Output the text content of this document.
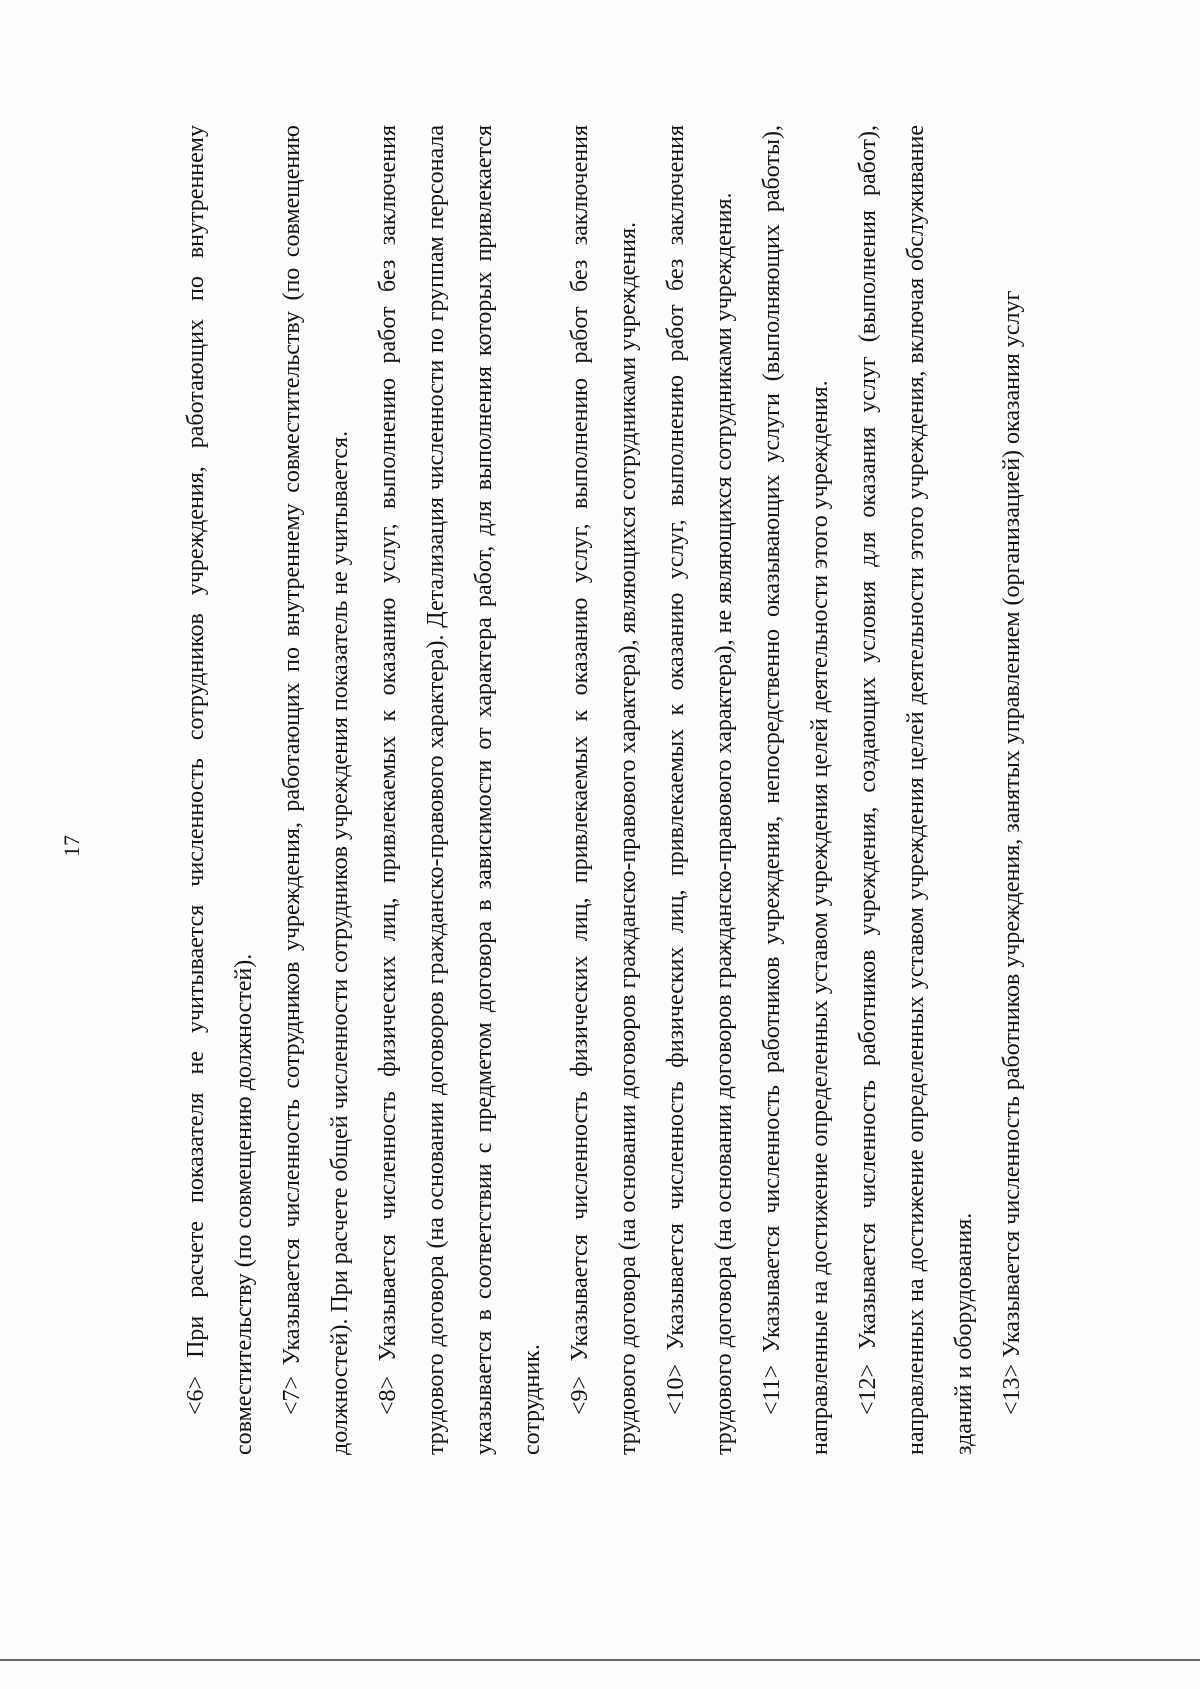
17	<6> При расчете показателя не учитывается численность сотрудников учреждения, работающих по внутреннему совместительству (по совмещению должностей). <7> Указывается численность сотрудников учреждения, работающих по внутреннему совместительству (по совмещению должностей). При расчете общей численности сотрудников учреждения показатель не учитывается. <8> Указывается численность физических лиц, привлекаемых к оказанию услуг, выполнению работ без заключения трудового договора (на основании договоров гражданско-правового характера). Детализация численности по группам персонала указывается в соответствии с предметом договора в зависимости от характера работ, для выполнения которых привлекается сотрудник. <9> Указывается численность физических лиц, привлекаемых к оказанию услуг, выполнению работ без заключения трудового договора (на основании договоров гражданско-правового характера), являющихся сотрудниками учреждения. <10> Указывается численность физических лиц, привлекаемых к оказанию услуг, выполнению работ без заключения трудового договора (на основании договоров гражданско-правового характера), не являющихся сотрудниками учреждения. <11> Указывается численность работников учреждения, непосредственно оказывающих услуги (выполняющих работы), направленные на достижение определенных уставом учреждения целей деятельности этого учреждения. <12> Указывается численность работников учреждения, создающих условия для оказания услуг (выполнения работ), направленных на достижение определенных уставом учреждения целей деятельности этого учреждения, включая обслуживание зданий и оборудования. <13> Указывается численность работников учреждения, занятых управлением (организацией) оказания услуг
